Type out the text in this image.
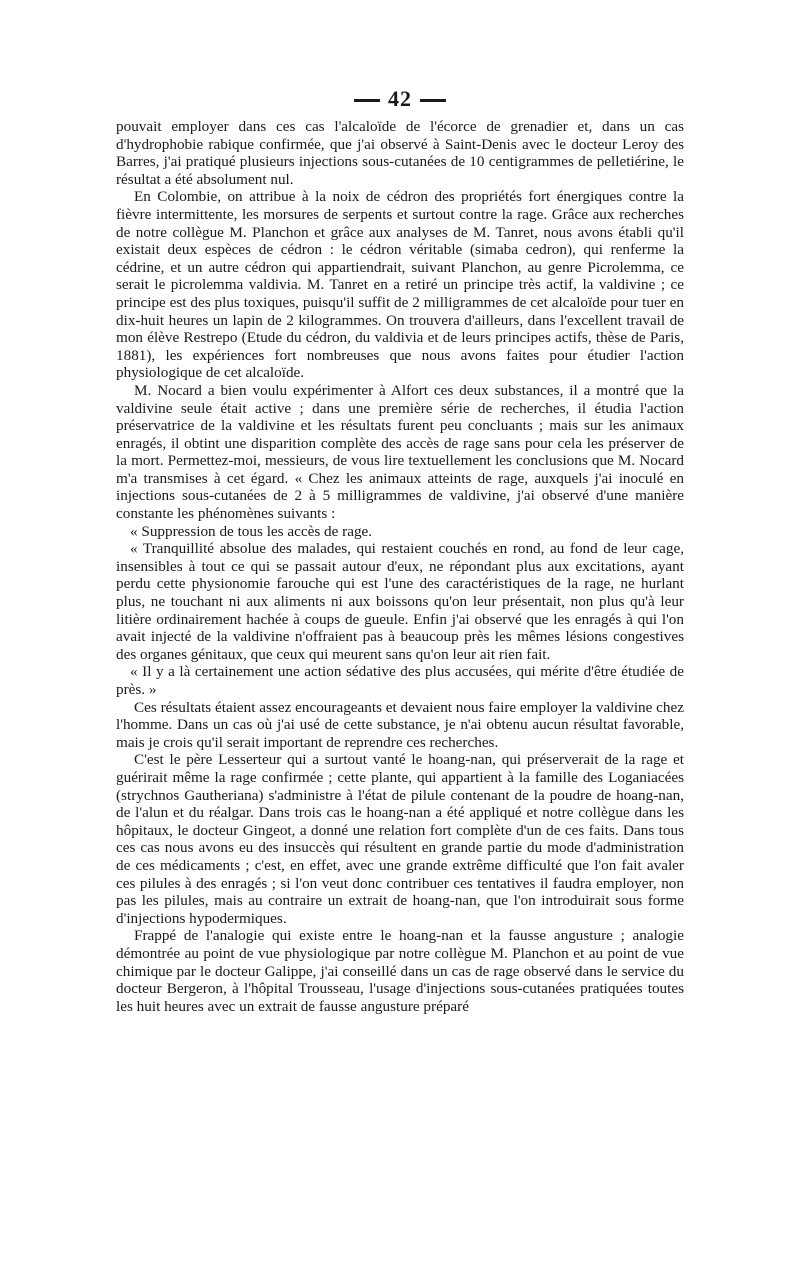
42

pouvait employer dans ces cas l'alcaloïde de l'écorce de grenadier et, dans un cas d'hydrophobie rabique confirmée, que j'ai observé à Saint-Denis avec le docteur Leroy des Barres, j'ai pratiqué plusieurs injections sous-cutanées de 10 centigrammes de pelletiérine, le résultat a été absolument nul.

En Colombie, on attribue à la noix de cédron des propriétés fort énergiques contre la fièvre intermittente, les morsures de serpents et surtout contre la rage. Grâce aux recherches de notre collègue M. Planchon et grâce aux analyses de M. Tanret, nous avons établi qu'il existait deux espèces de cédron : le cédron véritable (simaba cedron), qui renferme la cédrine, et un autre cédron qui appartiendrait, suivant Planchon, au genre Picrolemma, ce serait le picrolemma valdivia. M. Tanret en a retiré un principe très actif, la valdivine ; ce principe est des plus toxiques, puisqu'il suffit de 2 milligrammes de cet alcaloïde pour tuer en dix-huit heures un lapin de 2 kilogrammes. On trouvera d'ailleurs, dans l'excellent travail de mon élève Restrepo (Etude du cédron, du valdivia et de leurs principes actifs, thèse de Paris, 1881), les expériences fort nombreuses que nous avons faites pour étudier l'action physiologique de cet alcaloïde.

M. Nocard a bien voulu expérimenter à Alfort ces deux substances, il a montré que la valdivine seule était active ; dans une première série de recherches, il étudia l'action préservatrice de la valdivine et les résultats furent peu concluants ; mais sur les animaux enragés, il obtint une disparition complète des accès de rage sans pour cela les préserver de la mort. Permettez-moi, messieurs, de vous lire textuellement les conclusions que M. Nocard m'a transmises à cet égard. « Chez les animaux atteints de rage, auxquels j'ai inoculé en injections sous-cutanées de 2 à 5 milligrammes de valdivine, j'ai observé d'une manière constante les phénomènes suivants :

« Suppression de tous les accès de rage.

« Tranquillité absolue des malades, qui restaient couchés en rond, au fond de leur cage, insensibles à tout ce qui se passait autour d'eux, ne répondant plus aux excitations, ayant perdu cette physionomie farouche qui est l'une des caractéristiques de la rage, ne hurlant plus, ne touchant ni aux aliments ni aux boissons qu'on leur présentait, non plus qu'à leur litière ordinairement hachée à coups de gueule. Enfin j'ai observé que les enragés à qui l'on avait injecté de la valdivine n'offraient pas à beaucoup près les mêmes lésions congestives des organes génitaux, que ceux qui meurent sans qu'on leur ait rien fait.

« Il y a là certainement une action sédative des plus accusées, qui mérite d'être étudiée de près. »

Ces résultats étaient assez encourageants et devaient nous faire employer la valdivine chez l'homme. Dans un cas où j'ai usé de cette substance, je n'ai obtenu aucun résultat favorable, mais je crois qu'il serait important de reprendre ces recherches.

C'est le père Lesserteur qui a surtout vanté le hoang-nan, qui préserverait de la rage et guérirait même la rage confirmée ; cette plante, qui appartient à la famille des Loganiacées (strychnos Gautheriana) s'administre à l'état de pilule contenant de la poudre de hoang-nan, de l'alun et du réalgar. Dans trois cas le hoang-nan a été appliqué et notre collègue dans les hôpitaux, le docteur Gingeot, a donné une relation fort complète d'un de ces faits. Dans tous ces cas nous avons eu des insuccès qui résultent en grande partie du mode d'administration de ces médicaments ; c'est, en effet, avec une grande extrême difficulté que l'on fait avaler ces pilules à des enragés ; si l'on veut donc contribuer ces tentatives il faudra employer, non pas les pilules, mais au contraire un extrait de hoang-nan, que l'on introduirait sous forme d'injections hypodermiques.

Frappé de l'analogie qui existe entre le hoang-nan et la fausse angusture ; analogie démontrée au point de vue physiologique par notre collègue M. Planchon et au point de vue chimique par le docteur Galippe, j'ai conseillé dans un cas de rage observé dans le service du docteur Bergeron, à l'hôpital Trousseau, l'usage d'injections sous-cutanées pratiquées toutes les huit heures avec un extrait de fausse angusture préparé
